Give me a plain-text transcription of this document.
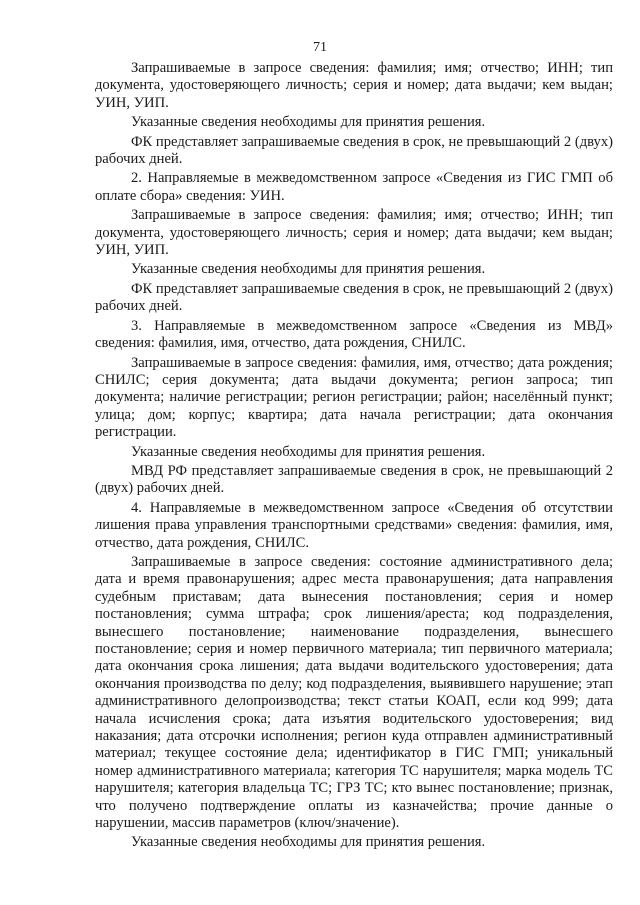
71

Запрашиваемые в запросе сведения: фамилия; имя; отчество; ИНН; тип документа, удостоверяющего личность; серия и номер; дата выдачи; кем выдан; УИН, УИП.

Указанные сведения необходимы для принятия решения.

ФК представляет запрашиваемые сведения в срок, не превышающий 2 (двух) рабочих дней.

2. Направляемые в межведомственном запросе «Сведения из ГИС ГМП об оплате сбора» сведения: УИН.

Запрашиваемые в запросе сведения: фамилия; имя; отчество; ИНН; тип документа, удостоверяющего личность; серия и номер; дата выдачи; кем выдан; УИН, УИП.

Указанные сведения необходимы для принятия решения.

ФК представляет запрашиваемые сведения в срок, не превышающий 2 (двух) рабочих дней.

3. Направляемые в межведомственном запросе «Сведения из МВД» сведения: фамилия, имя, отчество, дата рождения, СНИЛС.

Запрашиваемые в запросе сведения: фамилия, имя, отчество; дата рождения; СНИЛС; серия документа; дата выдачи документа; регион запроса; тип документа; наличие регистрации; регион регистрации; район; населённый пункт; улица; дом; корпус; квартира; дата начала регистрации; дата окончания регистрации.

Указанные сведения необходимы для принятия решения.

МВД РФ представляет запрашиваемые сведения в срок, не превышающий 2 (двух) рабочих дней.

4. Направляемые в межведомственном запросе «Сведения об отсутствии лишения права управления транспортными средствами» сведения: фамилия, имя, отчество, дата рождения, СНИЛС.

Запрашиваемые в запросе сведения: состояние административного дела; дата и время правонарушения; адрес места правонарушения; дата направления судебным приставам; дата вынесения постановления; серия и номер постановления; сумма штрафа; срок лишения/ареста; код подразделения, вынесшего постановление; наименование подразделения, вынесшего постановление; серия и номер первичного материала; тип первичного материала; дата окончания срока лишения; дата выдачи водительского удостоверения; дата окончания производства по делу; код подразделения, выявившего нарушение; этап административного делопроизводства; текст статьи КОАП, если код 999; дата начала исчисления срока; дата изъятия водительского удостоверения; вид наказания; дата отсрочки исполнения; регион куда отправлен административный материал; текущее состояние дела; идентификатор в ГИС ГМП; уникальный номер административного материала; категория ТС нарушителя; марка модель ТС нарушителя; категория владельца ТС; ГРЗ ТС; кто вынес постановление; признак, что получено подтверждение оплаты из казначейства; прочие данные о нарушении, массив параметров (ключ/значение).

Указанные сведения необходимы для принятия решения.
